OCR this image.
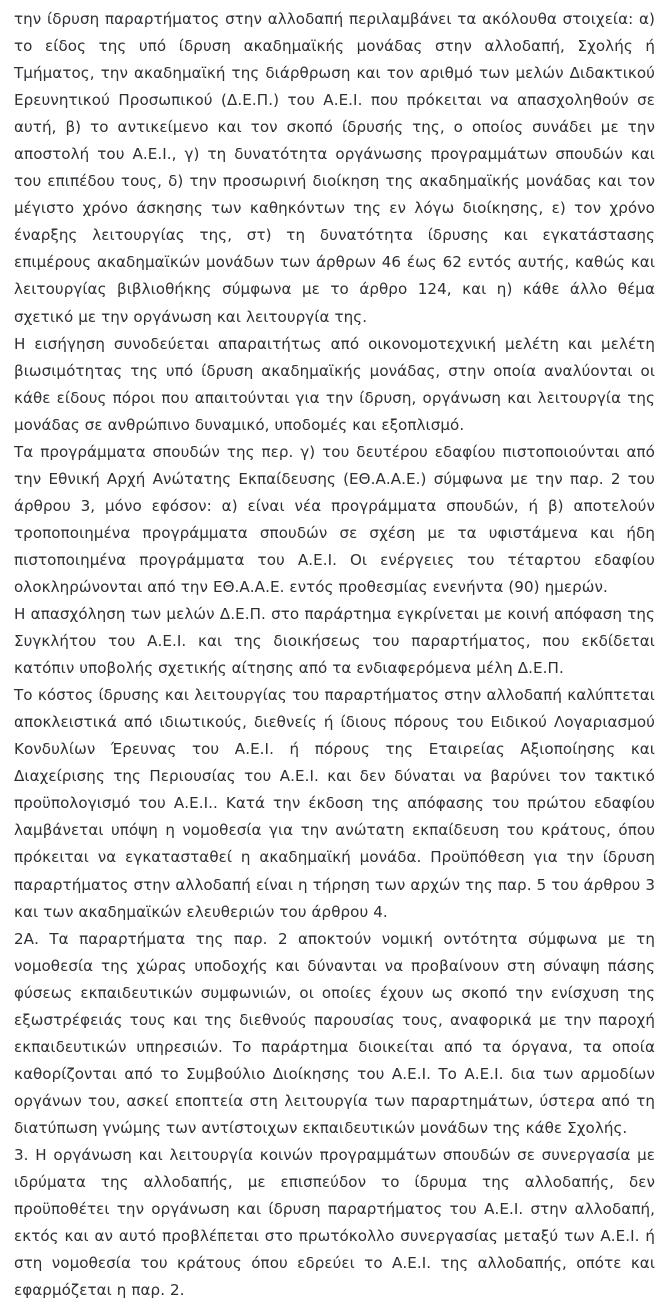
την ίδρυση παραρτήματος στην αλλοδαπή περιλαμβάνει τα ακόλουθα στοιχεία: α) το είδος της υπό ίδρυση ακαδημαϊκής μονάδας στην αλλοδαπή, Σχολής ή Τμήματος, την ακαδημαϊκή της διάρθρωση και τον αριθμό των μελών Διδακτικού Ερευνητικού Προσωπικού (Δ.Ε.Π.) του Α.Ε.Ι. που πρόκειται να απασχοληθούν σε αυτή, β) το αντικείμενο και τον σκοπό ίδρυσής της, ο οποίος συνάδει με την αποστολή του Α.Ε.Ι., γ) τη δυνατότητα οργάνωσης προγραμμάτων σπουδών και του επιπέδου τους, δ) την προσωρινή διοίκηση της ακαδημαϊκής μονάδας και τον μέγιστο χρόνο άσκησης των καθηκόντων της εν λόγω διοίκησης, ε) τον χρόνο έναρξης λειτουργίας της, στ) τη δυνατότητα ίδρυσης και εγκατάστασης επιμέρους ακαδημαϊκών μονάδων των άρθρων 46 έως 62 εντός αυτής, καθώς και λειτουργίας βιβλιοθήκης σύμφωνα με το άρθρο 124, και η) κάθε άλλο θέμα σχετικό με την οργάνωση και λειτουργία της.

Η εισήγηση συνοδεύεται απαραιτήτως από οικονομοτεχνική μελέτη και μελέτη βιωσιμότητας της υπό ίδρυση ακαδημαϊκής μονάδας, στην οποία αναλύονται οι κάθε είδους πόροι που απαιτούνται για την ίδρυση, οργάνωση και λειτουργία της μονάδας σε ανθρώπινο δυναμικό, υποδομές και εξοπλισμό.

Τα προγράμματα σπουδών της περ. γ) του δευτέρου εδαφίου πιστοποιούνται από την Εθνική Αρχή Ανώτατης Εκπαίδευσης (ΕΘ.Α.Α.Ε.) σύμφωνα με την παρ. 2 του άρθρου 3, μόνο εφόσον: α) είναι νέα προγράμματα σπουδών, ή β) αποτελούν τροποποιημένα προγράμματα σπουδών σε σχέση με τα υφιστάμενα και ήδη πιστοποιημένα προγράμματα του Α.Ε.Ι. Οι ενέργειες του τέταρτου εδαφίου ολοκληρώνονται από την ΕΘ.Α.Α.Ε. εντός προθεσμίας ενενήντα (90) ημερών.

Η απασχόληση των μελών Δ.Ε.Π. στο παράρτημα εγκρίνεται με κοινή απόφαση της Συγκλήτου του Α.Ε.Ι. και της διοικήσεως του παραρτήματος, που εκδίδεται κατόπιν υποβολής σχετικής αίτησης από τα ενδιαφερόμενα μέλη Δ.Ε.Π.

Το κόστος ίδρυσης και λειτουργίας του παραρτήματος στην αλλοδαπή καλύπτεται αποκλειστικά από ιδιωτικούς, διεθνείς ή ίδιους πόρους του Ειδικού Λογαριασμού Κονδυλίων Έρευνας του Α.Ε.Ι. ή πόρους της Εταιρείας Αξιοποίησης και Διαχείρισης της Περιουσίας του Α.Ε.Ι. και δεν δύναται να βαρύνει τον τακτικό προϋπολογισμό του Α.Ε.Ι.. Κατά την έκδοση της απόφασης του πρώτου εδαφίου λαμβάνεται υπόψη η νομοθεσία για την ανώτατη εκπαίδευση του κράτους, όπου πρόκειται να εγκατασταθεί η ακαδημαϊκή μονάδα. Προϋπόθεση για την ίδρυση παραρτήματος στην αλλοδαπή είναι η τήρηση των αρχών της παρ. 5 του άρθρου 3 και των ακαδημαϊκών ελευθεριών του άρθρου 4.

2Α. Τα παραρτήματα της παρ. 2 αποκτούν νομική οντότητα σύμφωνα με τη νομοθεσία της χώρας υποδοχής και δύνανται να προβαίνουν στη σύναψη πάσης φύσεως εκπαιδευτικών συμφωνιών, οι οποίες έχουν ως σκοπό την ενίσχυση της εξωστρέφειάς τους και της διεθνούς παρουσίας τους, αναφορικά με την παροχή εκπαιδευτικών υπηρεσιών. Το παράρτημα διοικείται από τα όργανα, τα οποία καθορίζονται από το Συμβούλιο Διοίκησης του Α.Ε.Ι. Το Α.Ε.Ι. δια των αρμοδίων οργάνων του, ασκεί εποπτεία στη λειτουργία των παραρτημάτων, ύστερα από τη διατύπωση γνώμης των αντίστοιχων εκπαιδευτικών μονάδων της κάθε Σχολής.

3. Η οργάνωση και λειτουργία κοινών προγραμμάτων σπουδών σε συνεργασία με ιδρύματα της αλλοδαπής, με επισπεύδον το ίδρυμα της αλλοδαπής, δεν προϋποθέτει την οργάνωση και ίδρυση παραρτήματος του Α.Ε.Ι. στην αλλοδαπή, εκτός και αν αυτό προβλέπεται στο πρωτόκολλο συνεργασίας μεταξύ των Α.Ε.Ι. ή στη νομοθεσία του κράτους όπου εδρεύει το Α.Ε.Ι. της αλλοδαπής, οπότε και εφαρμόζεται η παρ. 2.
